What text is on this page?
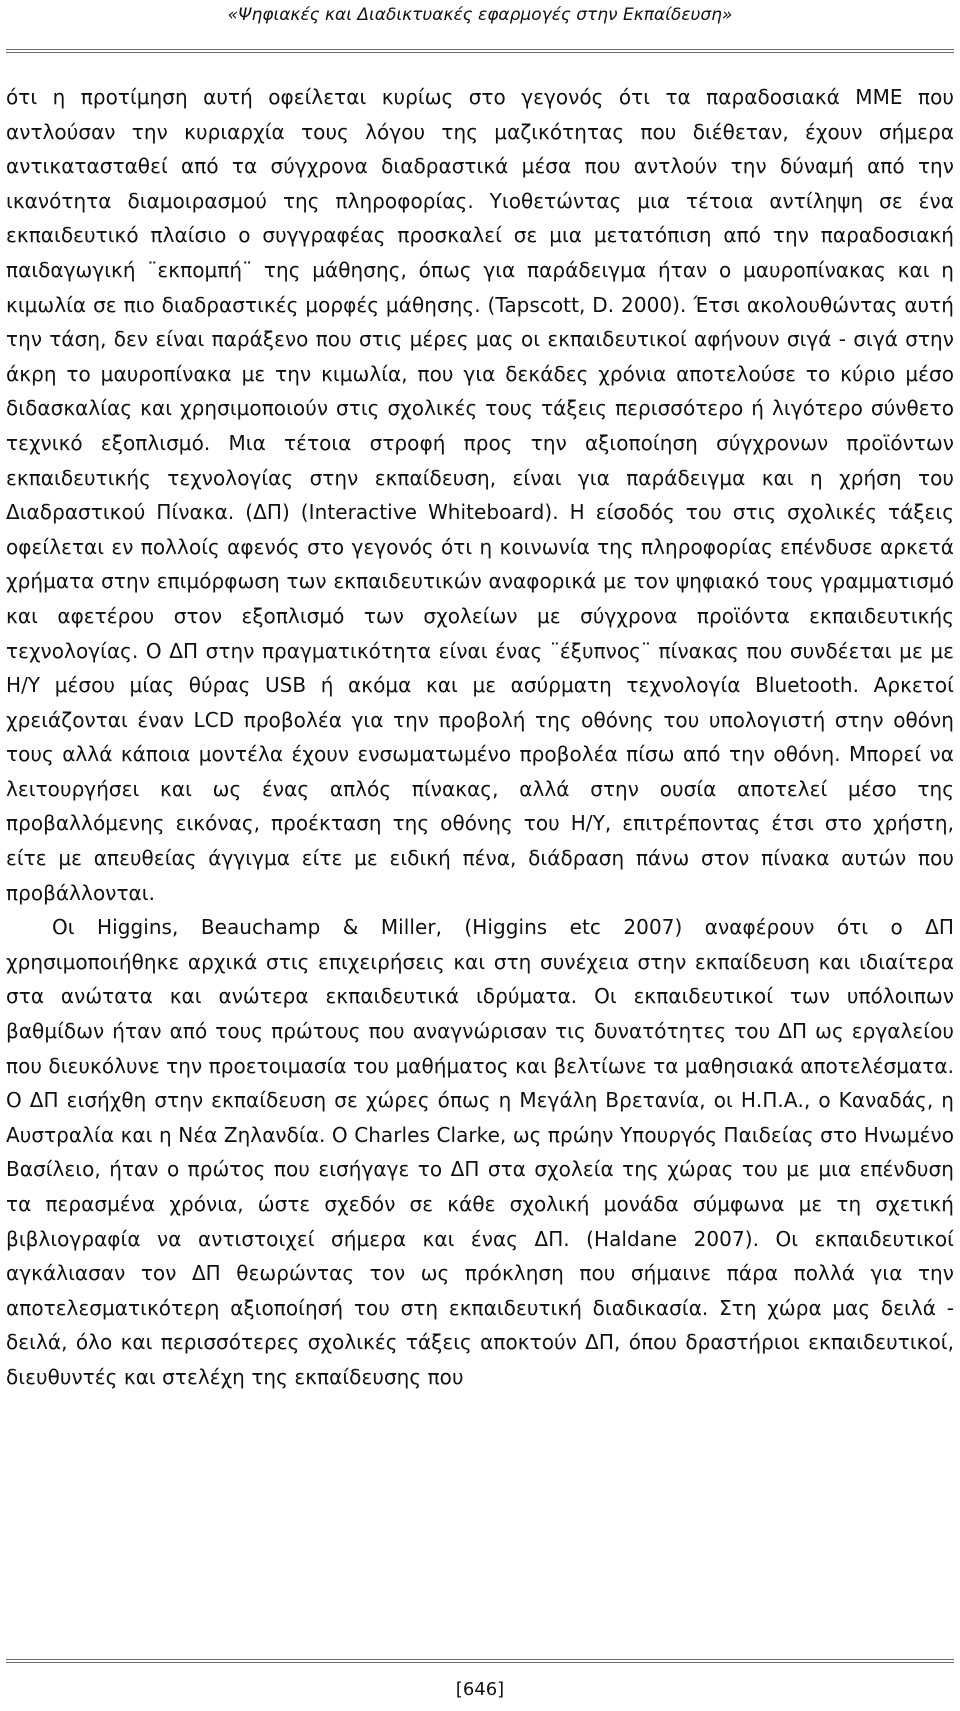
«Ψηφιακές και Διαδικτυακές εφαρμογές στην Εκπαίδευση»

ότι η προτίμηση αυτή οφείλεται κυρίως στο γεγονός ότι τα παραδοσιακά ΜΜΕ που αντλούσαν την κυριαρχία τους λόγου της μαζικότητας που διέθεταν, έχουν σήμερα αντικατασταθεί από τα σύγχρονα διαδραστικά μέσα που αντλούν την δύναμή από την ικανότητα διαμοιρασμού της πληροφορίας. Υιοθετώντας μια τέτοια αντίληψη σε ένα εκπαιδευτικό πλαίσιο ο συγγραφέας προσκαλεί σε μια μετατόπιση από την παραδοσιακή παιδαγωγική ¨εκπομπή¨ της μάθησης, όπως για παράδειγμα ήταν ο μαυροπίνακας και η κιμωλία σε πιο διαδραστικές μορφές μάθησης. (Tapscott, D. 2000). Έτσι ακολουθώντας αυτή την τάση, δεν είναι παράξενο που στις μέρες μας οι εκπαιδευτικοί αφήνουν σιγά - σιγά στην άκρη το μαυροπίνακα με την κιμωλία, που για δεκάδες χρόνια αποτελούσε το κύριο μέσο διδασκαλίας και χρησιμοποιούν στις σχολικές τους τάξεις περισσότερο ή λιγότερο σύνθετο τεχνικό εξοπλισμό. Μια τέτοια στροφή προς την αξιοποίηση σύγχρονων προϊόντων εκπαιδευτικής τεχνολογίας στην εκπαίδευση, είναι για παράδειγμα και η χρήση του Διαδραστικού Πίνακα. (ΔΠ) (Interactive Whiteboard). Η είσοδός του στις σχολικές τάξεις οφείλεται εν πολλοίς αφενός στο γεγονός ότι η κοινωνία της πληροφορίας επένδυσε αρκετά χρήματα στην επιμόρφωση των εκπαιδευτικών αναφορικά με τον ψηφιακό τους γραμματισμό και αφετέρου στον εξοπλισμό των σχολείων με σύγχρονα προϊόντα εκπαιδευτικής τεχνολογίας. Ο ΔΠ στην πραγματικότητα είναι ένας ¨έξυπνος¨ πίνακας που συνδέεται με με Η/Υ μέσου μίας θύρας USB ή ακόμα και με ασύρματη τεχνολογία Bluetooth. Αρκετοί χρειάζονται έναν LCD προβολέα για την προβολή της οθόνης του υπολογιστή στην οθόνη τους αλλά κάποια μοντέλα έχουν ενσωματωμένο προβολέα πίσω από την οθόνη. Μπορεί να λειτουργήσει και ως ένας απλός πίνακας, αλλά στην ουσία αποτελεί μέσο της προβαλλόμενης εικόνας, προέκταση της οθόνης του Η/Υ, επιτρέποντας έτσι στο χρήστη, είτε με απευθείας άγγιγμα είτε με ειδική πένα, διάδραση πάνω στον πίνακα αυτών που προβάλλονται.

Οι Higgins, Beauchamp & Miller, (Higgins etc 2007) αναφέρουν ότι ο ΔΠ χρησιμοποιήθηκε αρχικά στις επιχειρήσεις και στη συνέχεια στην εκπαίδευση και ιδιαίτερα στα ανώτατα και ανώτερα εκπαιδευτικά ιδρύματα. Οι εκπαιδευτικοί των υπόλοιπων βαθμίδων ήταν από τους πρώτους που αναγνώρισαν τις δυνατότητες του ΔΠ ως εργαλείου που διευκόλυνε την προετοιμασία του μαθήματος και βελτίωνε τα μαθησιακά αποτελέσματα. Ο ΔΠ εισήχθη στην εκπαίδευση σε χώρες όπως η Μεγάλη Βρετανία, οι Η.Π.Α., ο Καναδάς, η Αυστραλία και η Νέα Ζηλανδία. Ο Charles Clarke, ως πρώην Υπουργός Παιδείας στο Ηνωμένο Βασίλειο, ήταν ο πρώτος που εισήγαγε το ΔΠ στα σχολεία της χώρας του με μια επένδυση τα περασμένα χρόνια, ώστε σχεδόν σε κάθε σχολική μονάδα σύμφωνα με τη σχετική βιβλιογραφία να αντιστοιχεί σήμερα και ένας ΔΠ. (Haldane 2007). Οι εκπαιδευτικοί αγκάλιασαν τον ΔΠ θεωρώντας τον ως πρόκληση που σήμαινε πάρα πολλά για την αποτελεσματικότερη αξιοποίησή του στη εκπαιδευτική διαδικασία. Στη χώρα μας δειλά - δειλά, όλο και περισσότερες σχολικές τάξεις αποκτούν ΔΠ, όπου δραστήριοι εκπαιδευτικοί, διευθυντές και στελέχη της εκπαίδευσης που

[646]
